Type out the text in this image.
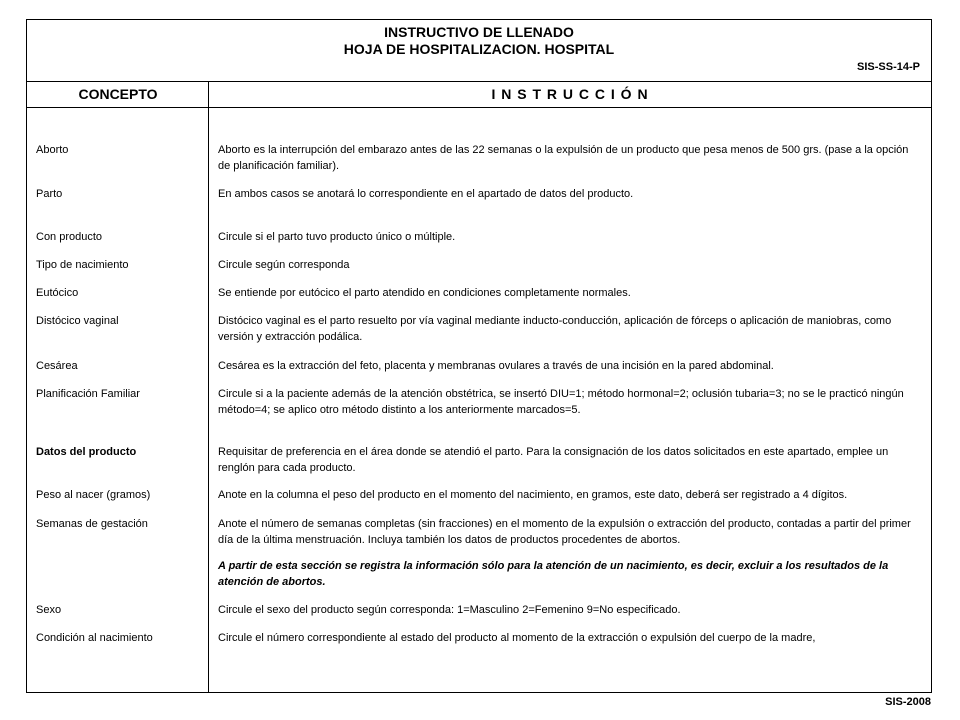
INSTRUCTIVO DE LLENADO
HOJA DE HOSPITALIZACION. HOSPITAL
SIS-SS-14-P
CONCEPTO	I N S T R U C C I Ó N
Aborto	Aborto es la interrupción del embarazo antes de las 22 semanas o la expulsión de un producto que pesa menos de 500 grs. (pase a la opción de planificación familiar).
Parto	En ambos casos se anotará lo correspondiente en el apartado de datos del producto.
Con producto	Circule si el parto tuvo producto único o múltiple.
Tipo de nacimiento	Circule según corresponda
Eutócico	Se entiende por eutócico el parto atendido en condiciones completamente normales.
Distócico vaginal	Distócico vaginal es el parto resuelto por vía vaginal mediante inducto-conducción, aplicación de fórceps o aplicación de maniobras, como versión y extracción podálica.
Cesárea	Cesárea es la extracción del feto, placenta y membranas ovulares a través de una incisión en la pared abdominal.
Planificación Familiar	Circule si a la paciente además de la atención obstétrica, se insertó DIU=1; método hormonal=2; oclusión tubaria=3; no se le practicó ningún método=4; se aplico otro método distinto a los anteriormente marcados=5.
Datos del producto	Requisitar de preferencia en el área donde se atendió el parto. Para la consignación de los datos solicitados en este apartado, emplee un renglón para cada producto.
Peso al nacer (gramos)	Anote en la columna el peso del producto en el momento del nacimiento, en gramos, este dato, deberá ser registrado a 4 dígitos.
Semanas de gestación	Anote el número de semanas completas (sin fracciones) en el momento de la expulsión o extracción del producto, contadas a partir del primer día de la última menstruación. Incluya también los datos de productos procedentes de abortos.
A partir de esta sección se registra la información sólo para la atención de un nacimiento, es decir, excluir a los resultados de la atención de abortos.
Sexo	Circule el sexo del producto según corresponda: 1=Masculino 2=Femenino 9=No especificado.
Condición al nacimiento	Circule el número correspondiente al estado del producto al momento de la extracción o expulsión del cuerpo de la madre,
SIS-2008
